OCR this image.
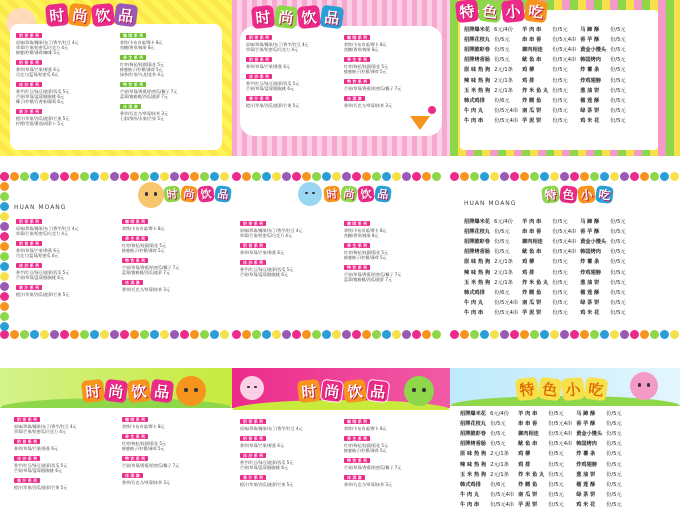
时 尚 饮 品
奶 茶 系 列
原味/珍珠/椰果/布丁/香芋/红豆 4元
草莓/芒果/哈密瓜/巧克力 4元
蜂蜜/柠檬/薄荷/咖啡 5元
奶 昔 系 列
香草/草莓/芒果/香蕉 6元
巧克力/蓝莓/哈密瓜 6元
冰 沙 系 列
香芋/红豆/绿豆/菠萝/西瓜 5元
芒果/草莓/蓝莓/猕猴桃 6元
椰子/柠檬/百香果/葡萄 6元
果 汁 系 列
橙汁/苹果/西瓜/菠萝/芒果 5元
柠檬/雪梨/番茄/胡萝卜 5元
咖 啡 系 列
拿铁/卡布奇诺/摩卡 8元
焦糖/香草/榛果 8元
养 生 系 列
红枣/枸杞/桂圆/菊花 5元
蜂蜜柚子/柠檬/薄荷 5元
绿茶/红茶/乌龙/花茶 4元
特 饮 系 列
芒果/草莓/香蕉/哈密瓜/椰子 7元
蓝莓/猕猴桃/西瓜/菠萝 7元
冰 淇 淋
香草/巧克力/草莓/抹茶 3元
七彩/缤纷/水果/芒果 5元
时 尚 饮 品
奶 茶 系 列
原味/珍珠/椰果/布丁/香芋/红豆 4元
草莓/芒果/哈密瓜/巧克力 4元
奶 昔 系 列
香草/草莓/芒果/香蕉 6元
冰 沙 系 列
香芋/红豆/绿豆/菠萝/西瓜 5元
芒果/草莓/蓝莓/猕猴桃 6元
果 汁 系 列
橙汁/苹果/西瓜/菠萝/芒果 5元
咖 啡 系 列
拿铁/卡布奇诺/摩卡 8元
焦糖/香草/榛果 8元
养 生 系 列
红枣/枸杞/桂圆/菊花 5元
蜂蜜柚子/柠檬/薄荷 5元
特 饮 系 列
芒果/草莓/香蕉/哈密瓜/椰子 7元
冰 淇 淋
香草/巧克力/草莓/抹茶 3元
特 色 小 吃
招牌爆米花	6元/4份	羊 肉 串	份/5元	马 蹄 酥	份/5元
招牌花枝丸	份/5元	串 串 香	份/5元4串	香 芋 酥	份/5元
招牌脆虾卷	份/5元	御肉相连	份/5元4串	黄金小馒头	份/5元
招牌烤香肠	份/5元	鱿 鱼 串	份/5元4串	韩国烤肉	份/5元
原 味 热 狗	2元/1条	鸡 柳	份/5元	炸 薯 条	份/5元
辣 味 热 狗	2元/1条	鸡 排	份/5元	炸鸡翅膀	份/5元
玉 米 热 狗	2元/1条	炸 米 鱼 丸	份/5元	葱 油 饼	份/5元
韩式鸡排	份/6元	炸 鳕 鱼	份/5元	榴 莲 酥	份/5元
牛 肉 丸	份/5元4串	南 瓜 饼	份/5元	绿 茶 饼	份/5元
牛 肉 串	份/5元4串	芋 泥 饼	份/5元	鸡 米 花	份/5元
HUAN MOANG
时 尚 饮 品
奶 茶 系 列
原味/珍珠/椰果/布丁/香芋/红豆 4元
草莓/芒果/哈密瓜/巧克力 4元
奶 昔 系 列
香草/草莓/芒果/香蕉 6元
巧克力/蓝莓/哈密瓜 6元
冰 沙 系 列
香芋/红豆/绿豆/菠萝/西瓜 5元
芒果/草莓/蓝莓/猕猴桃 6元
果 汁 系 列
橙汁/苹果/西瓜/菠萝/芒果 5元
咖 啡 系 列
拿铁/卡布奇诺/摩卡 8元
养 生 系 列
红枣/枸杞/桂圆/菊花 5元
蜂蜜柚子/柠檬/薄荷 5元
特 饮 系 列
芒果/草莓/香蕉/哈密瓜/椰子 7元
蓝莓/猕猴桃/西瓜/菠萝 7元
冰 淇 淋
香草/巧克力/草莓/抹茶 3元
时 尚 饮 品
奶 茶 系 列
原味/珍珠/椰果/布丁/香芋/红豆 4元
草莓/芒果/哈密瓜/巧克力 4元
奶 昔 系 列
香草/草莓/芒果/香蕉 6元
冰 沙 系 列
香芋/红豆/绿豆/菠萝/西瓜 5元
芒果/草莓/蓝莓/猕猴桃 6元
咖 啡 系 列
拿铁/卡布奇诺/摩卡 8元
焦糖/香草/榛果 8元
养 生 系 列
红枣/枸杞/桂圆/菊花 5元
蜂蜜柚子/柠檬/薄荷 5元
特 饮 系 列
芒果/草莓/香蕉/哈密瓜/椰子 7元
蓝莓/猕猴桃/西瓜/菠萝 7元
特 色 小 吃
HUAN MOANG
招牌爆米花	6元/4份	羊 肉 串	份/5元	马 蹄 酥	份/5元
招牌花枝丸	份/5元	串 串 香	份/5元4串	香 芋 酥	份/5元
招牌脆虾卷	份/5元	御肉相连	份/5元4串	黄金小馒头	份/5元
招牌烤香肠	份/5元	鱿 鱼 串	份/5元4串	韩国烤肉	份/5元
原 味 热 狗	2元/1条	鸡 柳	份/5元	炸 薯 条	份/5元
辣 味 热 狗	2元/1条	鸡 排	份/5元	炸鸡翅膀	份/5元
玉 米 热 狗	2元/1条	炸 米 鱼 丸	份/5元	葱 油 饼	份/5元
韩式鸡排	份/6元	炸 鳕 鱼	份/5元	榴 莲 酥	份/5元
牛 肉 丸	份/5元4串	南 瓜 饼	份/5元	绿 茶 饼	份/5元
牛 肉 串	份/5元4串	芋 泥 饼	份/5元	鸡 米 花	份/5元
时 尚 饮 品
奶 茶 系 列
原味/珍珠/椰果/布丁/香芋/红豆 4元
草莓/芒果/哈密瓜/巧克力 4元
奶 昔 系 列
香草/草莓/芒果/香蕉 6元
冰 沙 系 列
香芋/红豆/绿豆/菠萝/西瓜 5元
芒果/草莓/蓝莓/猕猴桃 6元
果 汁 系 列
橙汁/苹果/西瓜/菠萝/芒果 5元
咖 啡 系 列
拿铁/卡布奇诺/摩卡 8元
养 生 系 列
红枣/枸杞/桂圆/菊花 5元
蜂蜜柚子/柠檬/薄荷 5元
特 饮 系 列
芒果/草莓/香蕉/哈密瓜/椰子 7元
冰 淇 淋
香草/巧克力/草莓/抹茶 3元
时 尚 饮 品
奶 茶 系 列
原味/珍珠/椰果/布丁/香芋/红豆 4元
奶 昔 系 列
香草/草莓/芒果/香蕉 6元
冰 沙 系 列
香芋/红豆/绿豆/菠萝/西瓜 5元
芒果/草莓/蓝莓/猕猴桃 6元
果 汁 系 列
橙汁/苹果/西瓜/菠萝/芒果 5元
咖 啡 系 列
拿铁/卡布奇诺/摩卡 8元
养 生 系 列
红枣/枸杞/桂圆/菊花 5元
蜂蜜柚子/柠檬/薄荷 5元
特 饮 系 列
芒果/草莓/香蕉/哈密瓜/椰子 7元
冰 淇 淋
香草/巧克力/草莓/抹茶 3元
特 色 小 吃
招牌爆米花	6元/4份	羊 肉 串	份/5元	马 蹄 酥	份/5元
招牌花枝丸	份/5元	串 串 香	份/5元4串	香 芋 酥	份/5元
招牌脆虾卷	份/5元	御肉相连	份/5元4串	黄金小馒头	份/5元
招牌烤香肠	份/5元	鱿 鱼 串	份/5元4串	韩国烤肉	份/5元
原 味 热 狗	2元/1条	鸡 柳	份/5元	炸 薯 条	份/5元
辣 味 热 狗	2元/1条	鸡 排	份/5元	炸鸡翅膀	份/5元
玉 米 热 狗	2元/1条	炸 米 鱼 丸	份/5元	葱 油 饼	份/5元
韩式鸡排	份/6元	炸 鳕 鱼	份/5元	榴 莲 酥	份/5元
牛 肉 丸	份/5元4串	南 瓜 饼	份/5元	绿 茶 饼	份/5元
牛 肉 串	份/5元4串	芋 泥 饼	份/5元	鸡 米 花	份/5元
